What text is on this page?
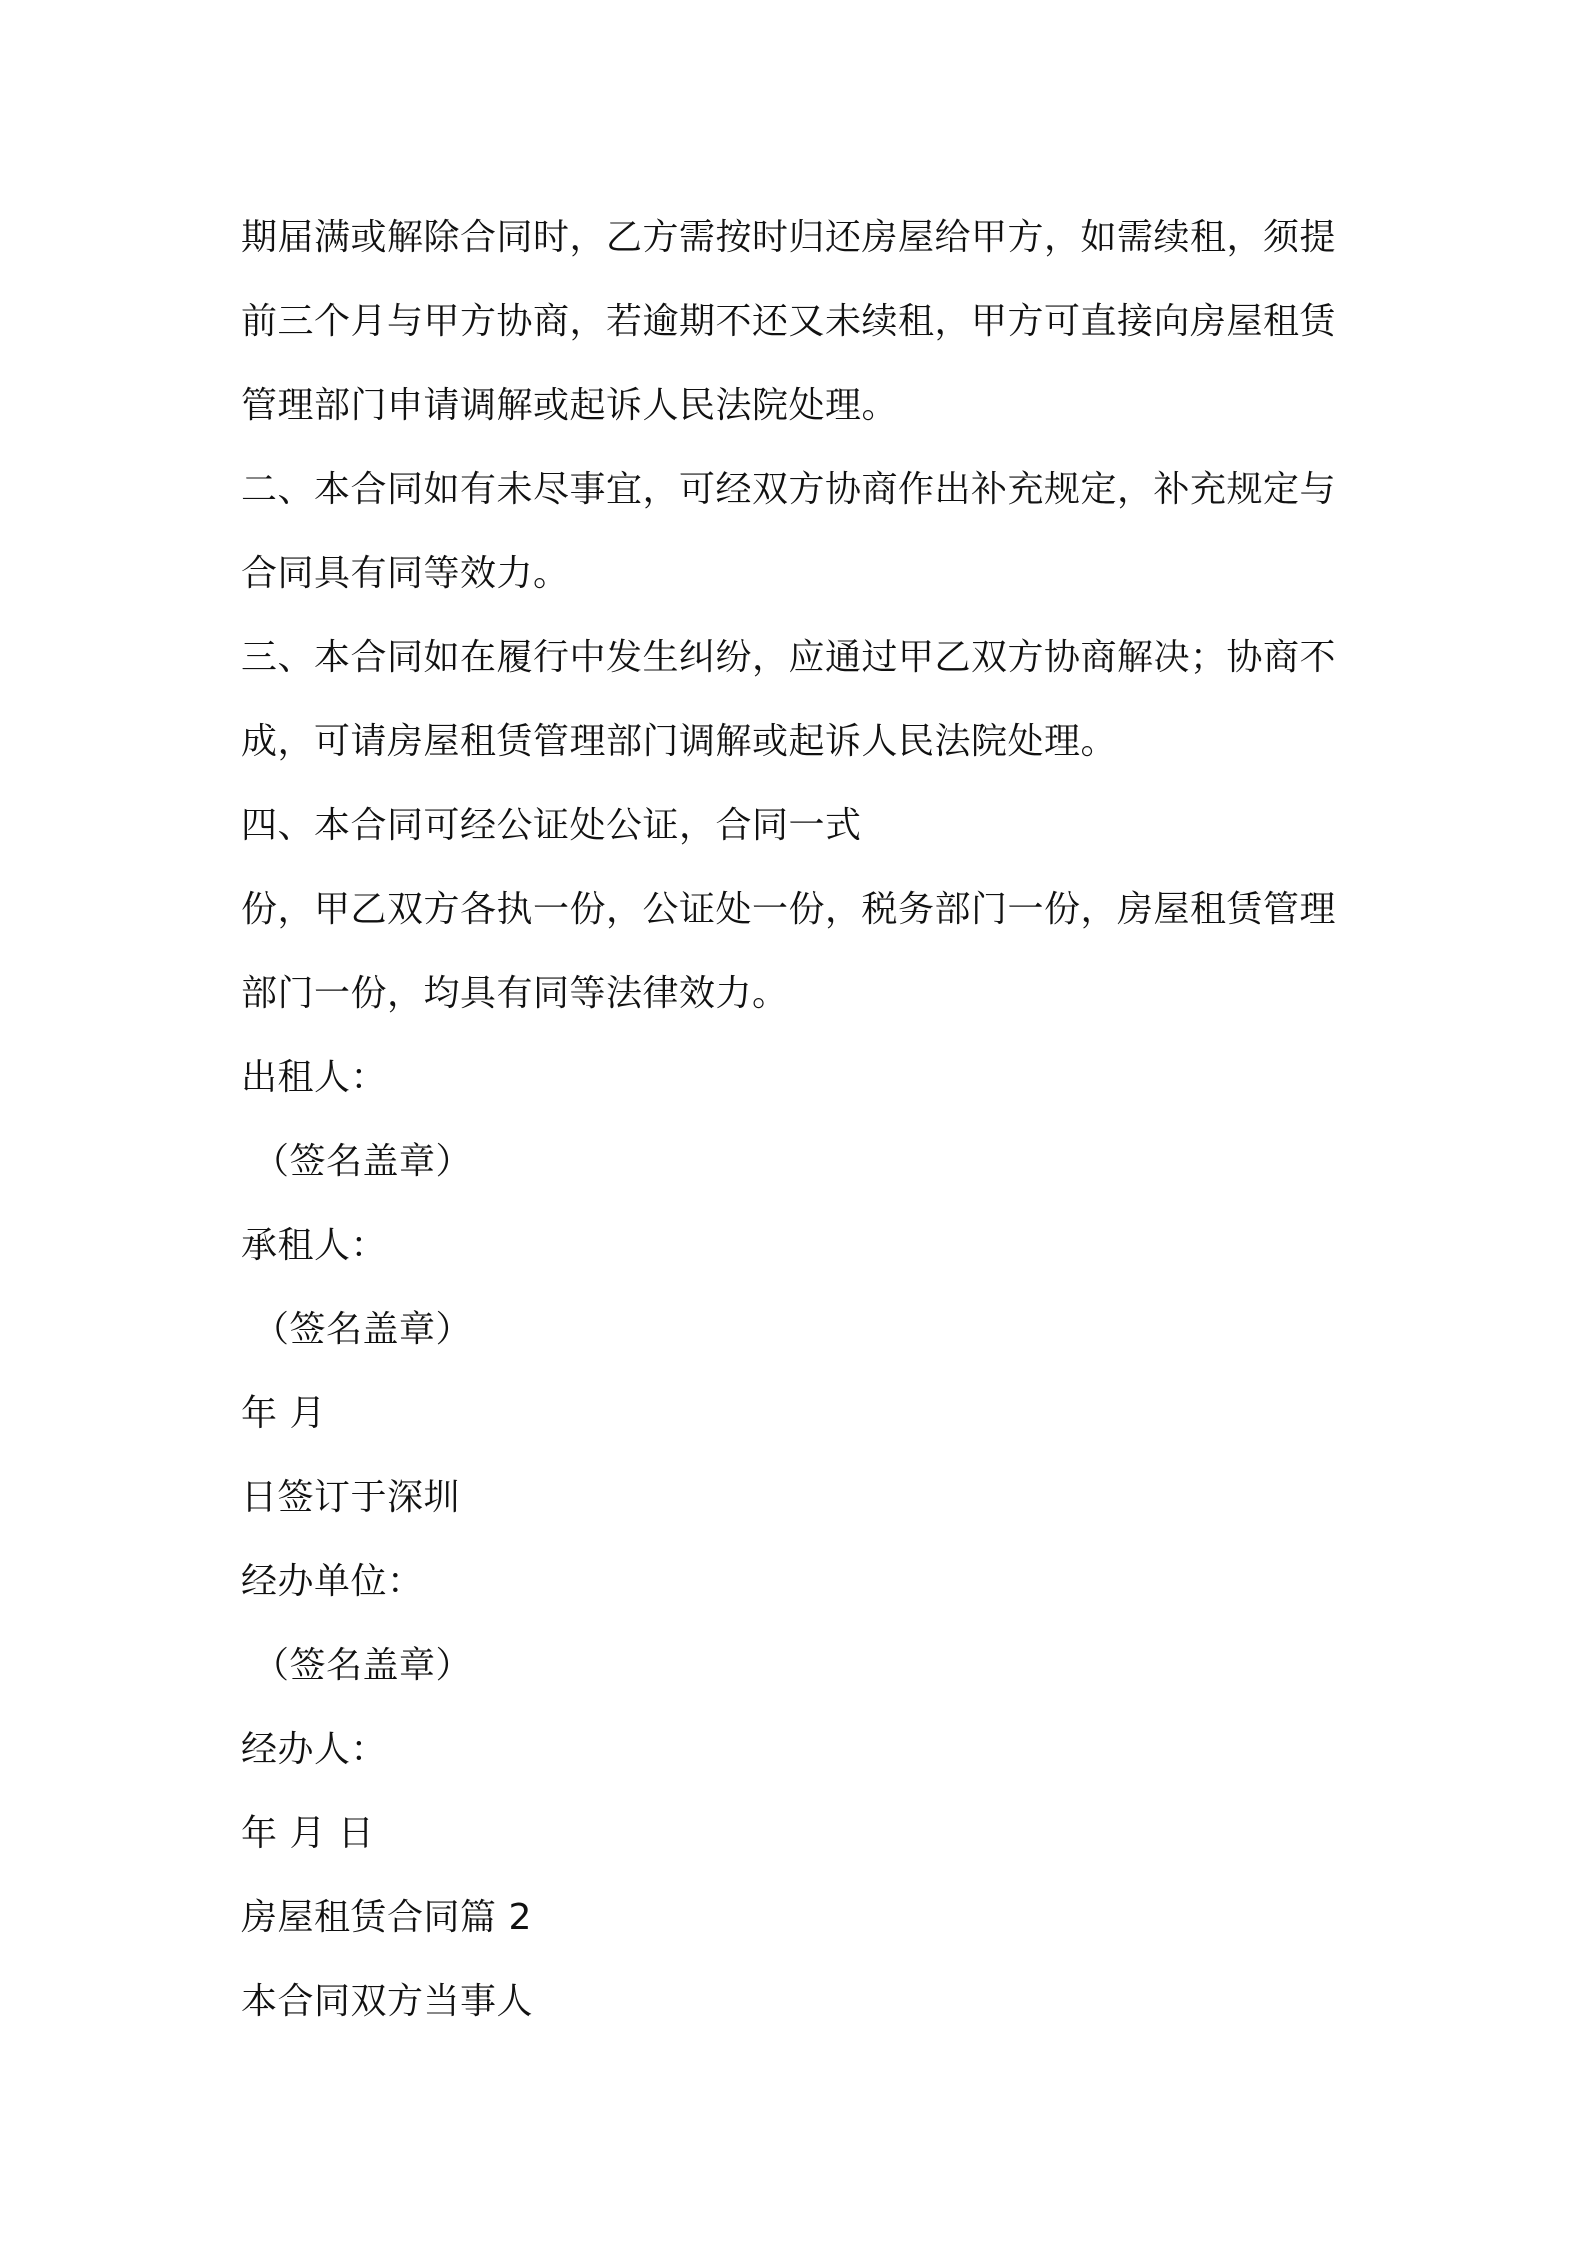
期届满或解除合同时，乙方需按时归还房屋给甲方，如需续租，须提
前三个月与甲方协商，若逾期不还又未续租，甲方可直接向房屋租赁
管理部门申请调解或起诉人民法院处理。
二、本合同如有未尽事宜，可经双方协商作出补充规定，补充规定与
合同具有同等效力。
三、本合同如在履行中发生纠纷，应通过甲乙双方协商解决；协商不
成，可请房屋租赁管理部门调解或起诉人民法院处理。
四、本合同可经公证处公证，合同一式
份，甲乙双方各执一份，公证处一份，税务部门一份，房屋租赁管理
部门一份，均具有同等法律效力。
出租人：
（签名盖章）
承租人：
（签名盖章）
年 月
日签订于深圳
经办单位：
（签名盖章）
经办人：
年 月 日
房屋租赁合同篇 2
本合同双方当事人
